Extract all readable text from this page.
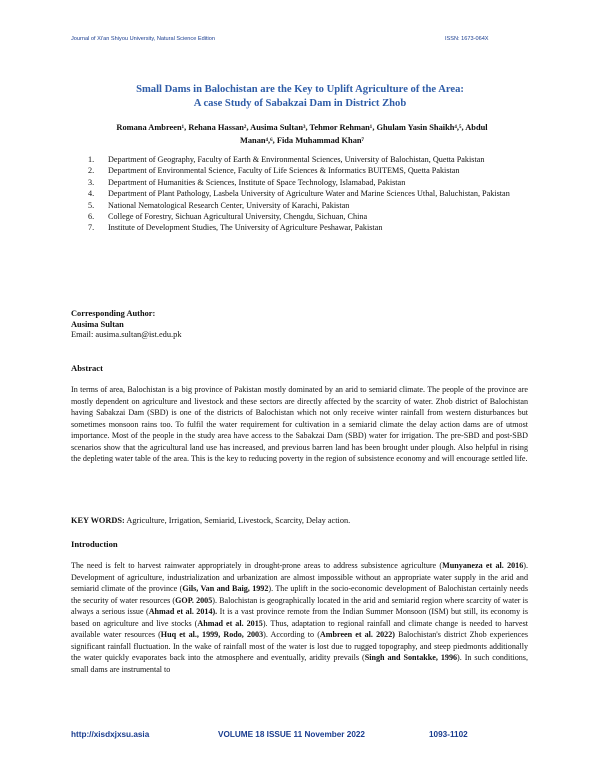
Journal of Xi'an Shiyou University, Natural Science Edition	ISSN: 1673-064X
Small Dams in Balochistan are the Key to Uplift Agriculture of the Area:
A case Study of Sabakzai Dam in District Zhob
Romana Ambreen¹, Rehana Hassan², Ausima Sultan³, Tehmor Rehman¹, Ghulam Yasin Shaikh⁴,⁵, Abdul
Manan⁴,⁶, Fida Muhammad Khan⁷
1. Department of Geography, Faculty of Earth & Environmental Sciences, University of Balochistan, Quetta Pakistan
2. Department of Environmental Science, Faculty of Life Sciences & Informatics BUITEMS, Quetta Pakistan
3. Department of Humanities & Sciences, Institute of Space Technology, Islamabad, Pakistan
4. Department of Plant Pathology, Lasbela University of Agriculture Water and Marine Sciences Uthal, Baluchistan, Pakistan
5. National Nematological Research Center, University of Karachi, Pakistan
6. College of Forestry, Sichuan Agricultural University, Chengdu, Sichuan, China
7. Institute of Development Studies, The University of Agriculture Peshawar, Pakistan
Corresponding Author:
Ausima Sultan
Email: ausima.sultan@ist.edu.pk
Abstract

In terms of area, Balochistan is a big province of Pakistan mostly dominated by an arid to semiarid climate. The people of the province are mostly dependent on agriculture and livestock and these sectors are directly affected by the scarcity of water. Zhob district of Balochistan having Sabakzai Dam (SBD) is one of the districts of Balochistan which not only receive winter rainfall from western disturbances but sometimes monsoon rains too. To fulfil the water requirement for cultivation in a semiarid climate the delay action dams are of utmost importance. Most of the people in the study area have access to the Sabakzai Dam (SBD) water for irrigation. The pre-SBD and post-SBD scenarios show that the agricultural land use has increased, and previous barren land has been brought under plough. Also helpful in rising the depleting water table of the area. This is the key to reducing poverty in the region of subsistence economy and will encourage settled life.

KEY WORDS: Agriculture, Irrigation, Semiarid, Livestock, Scarcity, Delay action.
Introduction

The need is felt to harvest rainwater appropriately in drought-prone areas to address subsistence agriculture (Munyaneza et al. 2016). Development of agriculture, industrialization and urbanization are almost impossible without an appropriate water supply in the arid and semiarid climate of the province (Gils, Van and Baig, 1992). The uplift in the socio-economic development of Balochistan certainly needs the security of water resources (GOP. 2005). Balochistan is geographically located in the arid and semiarid region where scarcity of water is always a serious issue (Ahmad et al. 2014). It is a vast province remote from the Indian Summer Monsoon (ISM) but still, its economy is based on agriculture and live stocks (Ahmad et al. 2015). Thus, adaptation to regional rainfall and climate change is needed to harvest available water resources (Huq et al., 1999, Rodo, 2003). According to (Ambreen et al. 2022) Balochistan's district Zhob experiences significant rainfall fluctuation. In the wake of rainfall most of the water is lost due to rugged topography, and steep piedmonts additionally the water quickly evaporates back into the atmosphere and eventually, aridity prevails (Singh and Sontakke, 1996). In such conditions, small dams are instrumental to

http://xisdxjxsu.asia	VOLUME 18 ISSUE 11 November 2022	1093-1102
